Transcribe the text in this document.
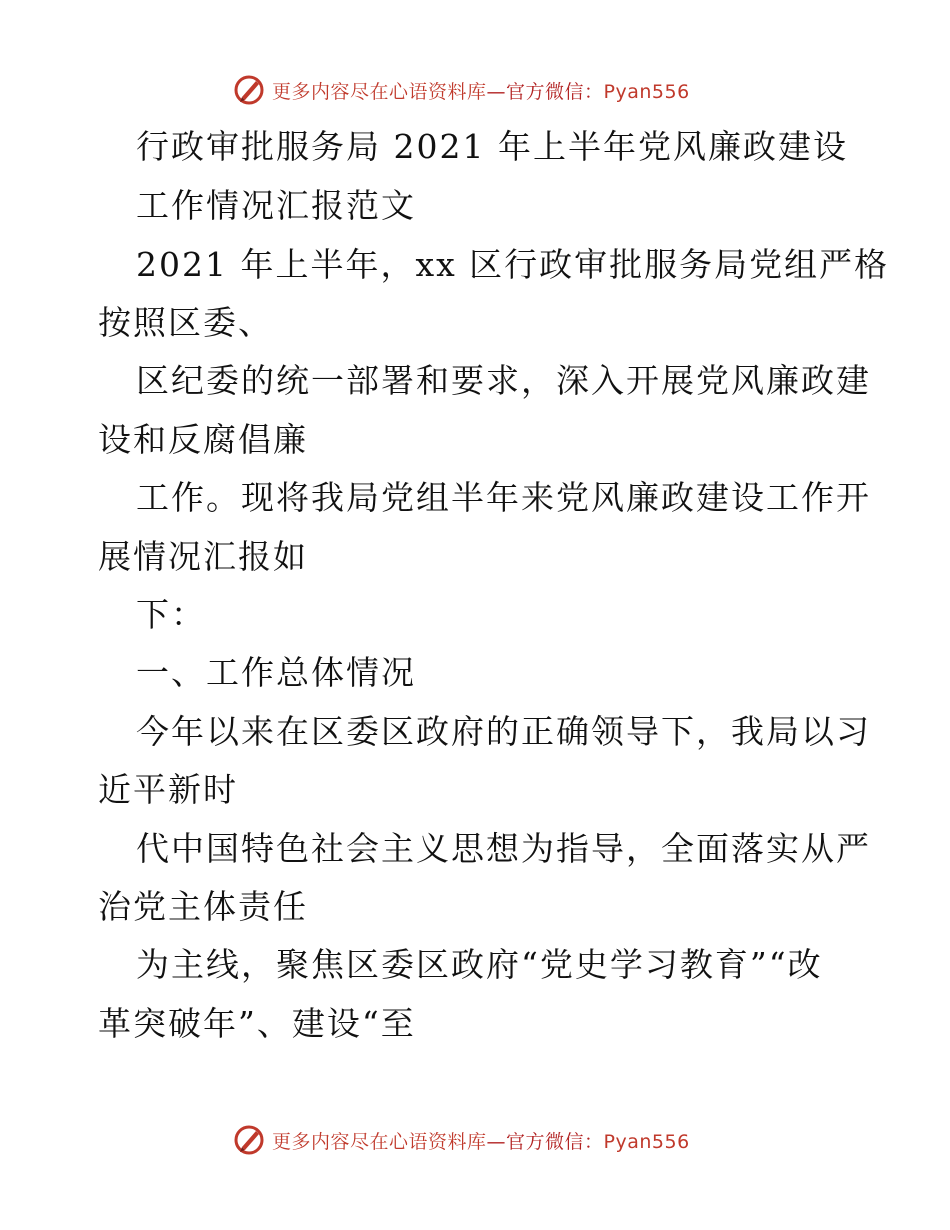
更多内容尽在心语资料库—官方微信：Pyan556
行政审批服务局 2021 年上半年党风廉政建设
工作情况汇报范文
2021 年上半年，xx 区行政审批服务局党组严格
按照区委、
区纪委的统一部署和要求，深入开展党风廉政建
设和反腐倡廉
工作。现将我局党组半年来党风廉政建设工作开
展情况汇报如
下：
一、工作总体情况
今年以来在区委区政府的正确领导下，我局以习
近平新时
代中国特色社会主义思想为指导，全面落实从严
治党主体责任
为主线，聚焦区委区政府“党史学习教育”“改
革突破年”、建设“至
更多内容尽在心语资料库—官方微信：Pyan556
